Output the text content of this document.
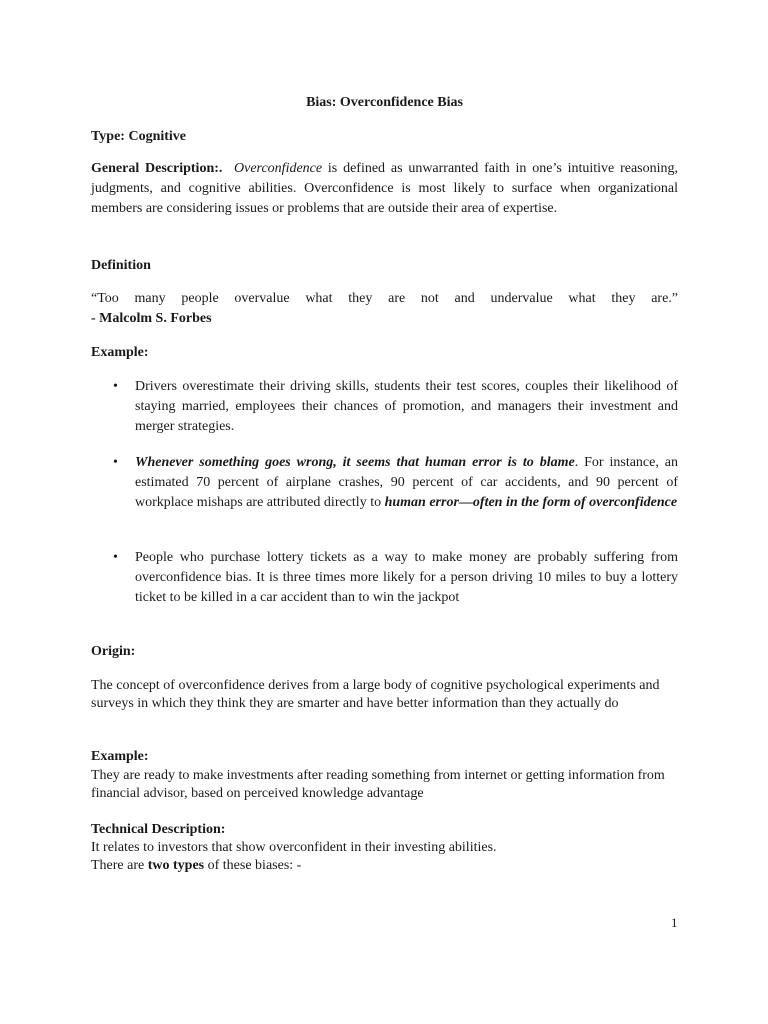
Bias: Overconfidence Bias
Type: Cognitive

General Description:. Overconfidence is defined as unwarranted faith in one’s intuitive reasoning, judgments, and cognitive abilities. Overconfidence is most likely to surface when organizational members are considering issues or problems that are outside their area of expertise.

Definition

“Too many people overvalue what they are not and undervalue what they are.”

- Malcolm S. Forbes
Example:
• Drivers overestimate their driving skills, students their test scores, couples their likelihood of staying married, employees their chances of promotion, and managers their investment and merger strategies.
• Whenever something goes wrong, it seems that human error is to blame. For instance, an estimated 70 percent of airplane crashes, 90 percent of car accidents, and 90 percent of workplace mishaps are attributed directly to human error—often in the form of overconfidence
• People who purchase lottery tickets as a way to make money are probably suffering from overconfidence bias. It is three times more likely for a person driving 10 miles to buy a lottery ticket to be killed in a car accident than to win the jackpot
Origin:

The concept of overconfidence derives from a large body of cognitive psychological experiments and surveys in which they think they are smarter and have better information than they actually do

Example:

They are ready to make investments after reading something from internet or getting information from financial advisor, based on perceived knowledge advantage

Technical Description:
It relates to investors that show overconfident in their investing abilities.
There are two types of these biases: -
1
